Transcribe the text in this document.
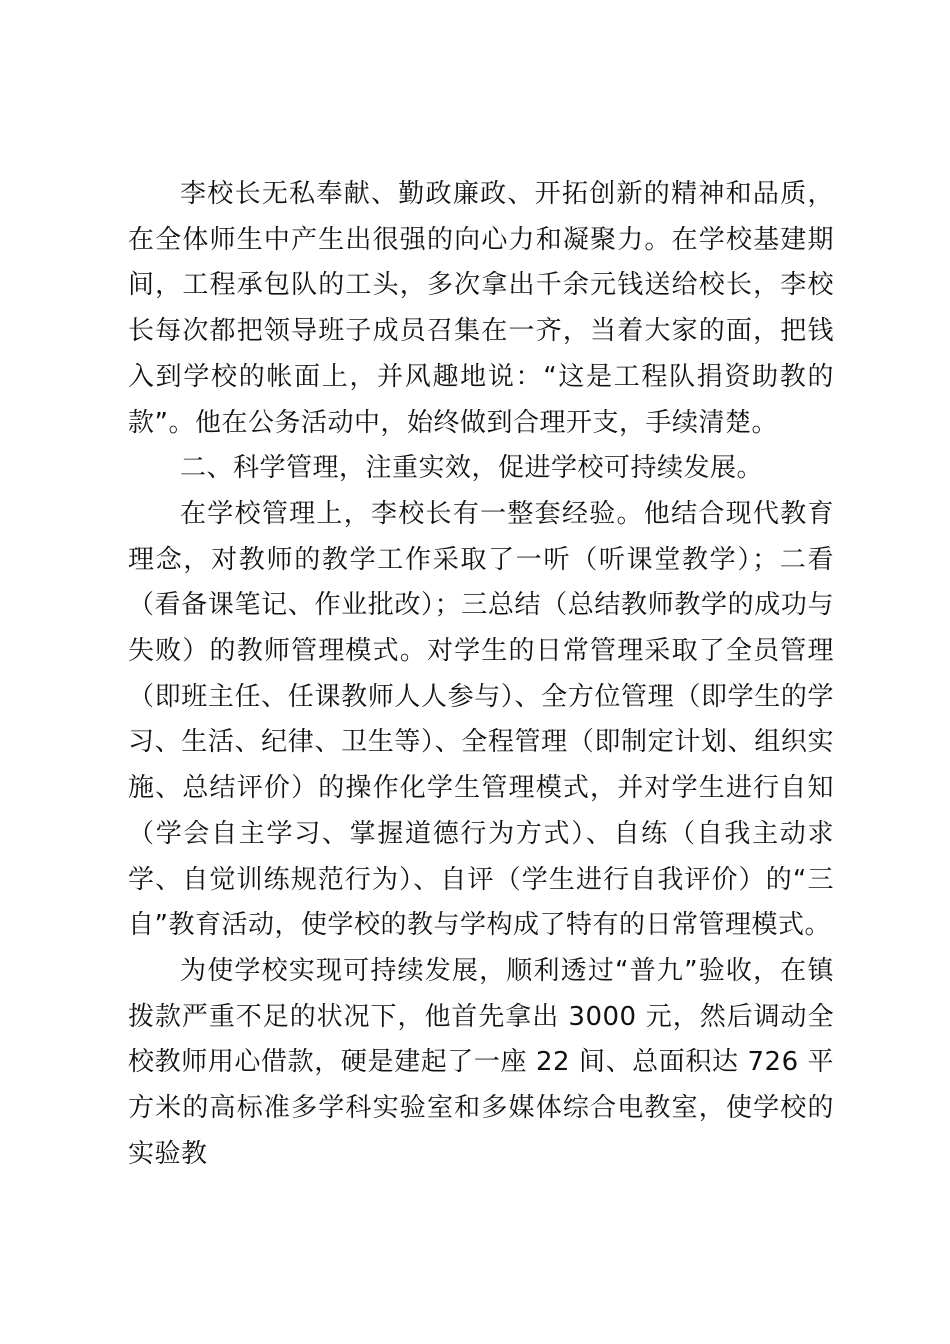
李校长无私奉献、勤政廉政、开拓创新的精神和品质，在全体师生中产生出很强的向心力和凝聚力。在学校基建期间，工程承包队的工头，多次拿出千余元钱送给校长，李校长每次都把领导班子成员召集在一齐，当着大家的面，把钱入到学校的帐面上，并风趣地说：“这是工程队捐资助教的款”。他在公务活动中，始终做到合理开支，手续清楚。

二、科学管理，注重实效，促进学校可持续发展。

在学校管理上，李校长有一整套经验。他结合现代教育理念，对教师的教学工作采取了一听（听课堂教学）；二看（看备课笔记、作业批改）；三总结（总结教师教学的成功与失败）的教师管理模式。对学生的日常管理采取了全员管理（即班主任、任课教师人人参与）、全方位管理（即学生的学习、生活、纪律、卫生等）、全程管理（即制定计划、组织实施、总结评价）的操作化学生管理模式，并对学生进行自知（学会自主学习、掌握道德行为方式）、自练（自我主动求学、自觉训练规范行为）、自评（学生进行自我评价）的“三自”教育活动，使学校的教与学构成了特有的日常管理模式。

为使学校实现可持续发展，顺利透过“普九”验收，在镇拨款严重不足的状况下，他首先拿出 3000 元，然后调动全校教师用心借款，硬是建起了一座 22 间、总面积达 726 平方米的高标准多学科实验室和多媒体综合电教室，使学校的实验教
